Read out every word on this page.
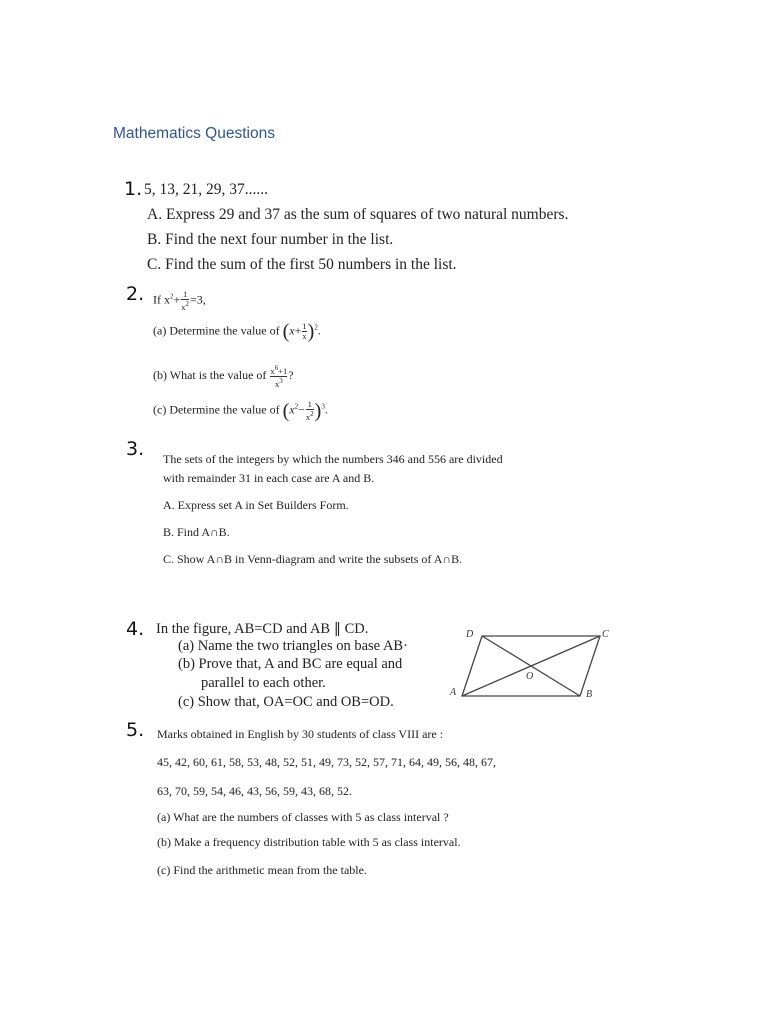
Mathematics Questions
1. 5, 13, 21, 29, 37......
A. Express 29 and 37 as the sum of squares of two natural numbers.
B. Find the next four number in the list.
C. Find the sum of the first 50 numbers in the list.
2. If $x^2+ \frac{1}{x^2} =3$,
(a) Determine the value of $(x+ \frac{1}{x} )^2$.
(b) What is the value of $\frac{x^6+1}{x^3}$ ?
(c) Determine the value of $(x^2- \frac{1}{x^2} )^3$.
3. The sets of the integers by which the numbers 346 and 556 are divided
with remainder 31 in each case are A and B.
A. Express set A in Set Builders Form.
B. Find A∩B.
C. Show A∩B in Venn-diagram and write the subsets of A∩B.
4. In the figure, AB=CD and AB ∥ CD.
(a) Name the two triangles on base AB·
(b) Prove that, A and BC are equal and
parallel to each other.
(c) Show that, OA=OC and OB=OD.
D	C
A	B
O
5. Marks obtained in English by 30 students of class VIII are :
45, 42, 60, 61, 58, 53, 48, 52, 51, 49, 73, 52, 57, 71, 64, 49, 56, 48, 67,
63, 70, 59, 54, 46, 43, 56, 59, 43, 68, 52.
(a) What are the numbers of classes with 5 as class interval ?
(b) Make a frequency distribution table with 5 as class interval.
(c) Find the arithmetic mean from the table.
